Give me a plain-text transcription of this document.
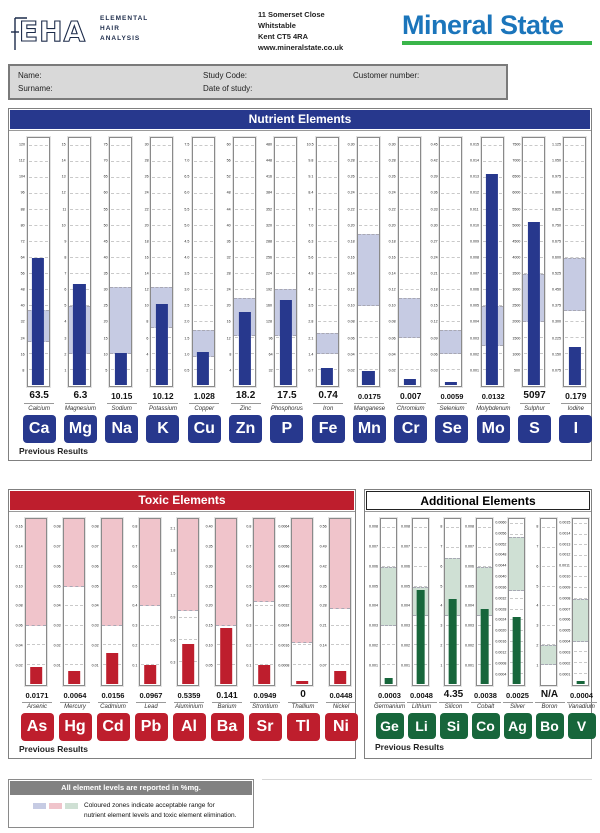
EHA ELEMENTAL
HAIR
ANALYSIS
11 Somerset Close
Whitstable
Kent CT5 4RA
www.mineralstate.co.uk
Mineral State
Name:	Study Code:	Customer number:
Surname:	Date of study:
Nutrient Elements
8
16
24
32
40
48
56
64
72
80
88
96
104
112
120
63.5
Calcium
Ca
1
2
3
4
5
6
7
8
9
10
11
12
13
14
15
6.3
Magnesium
Mg
5
10
15
20
25
30
35
40
45
50
55
60
65
70
75
10.15
Sodium
Na
2
4
6
8
10
12
14
16
18
20
22
24
26
28
30
10.12
Potassium
K
0.5
1.0
1.5
2.0
2.5
3.0
3.5
4.0
4.5
5.0
5.5
6.0
6.5
7.0
7.5
1.028
Copper
Cu
4
8
12
16
20
24
28
32
36
40
44
48
52
56
60
18.2
Zinc
Zn
32
64
96
128
160
192
224
256
288
320
352
384
416
448
480
17.5
Phosphorus
P
0.7
1.4
2.1
2.8
3.5
4.2
4.9
5.6
6.3
7.0
7.7
8.4
9.1
9.8
10.5
0.74
Iron
Fe
0.02
0.04
0.06
0.08
0.10
0.12
0.14
0.16
0.18
0.20
0.22
0.24
0.26
0.28
0.30
0.0175
Manganese
Mn
0.02
0.04
0.06
0.08
0.10
0.12
0.14
0.16
0.18
0.20
0.22
0.24
0.26
0.28
0.30
0.007
Chromium
Cr
0.03
0.06
0.09
0.12
0.15
0.18
0.21
0.24
0.27
0.30
0.33
0.36
0.39
0.42
0.45
0.0059
Selenium
Se
0.001
0.002
0.003
0.004
0.005
0.006
0.007
0.008
0.009
0.010
0.011
0.012
0.013
0.014
0.015
0.0132
Molybdenum
Mo
500
1000
1500
2000
2500
3000
3500
4000
4500
5000
5500
6000
6500
7000
7500
5097
Sulphur
S
0.075
0.150
0.225
0.300
0.375
0.450
0.525
0.600
0.675
0.750
0.825
0.900
0.975
1.050
1.125
0.179
Iodine
I
Previous Results
Toxic Elements
0.02
0.04
0.06
0.08
0.10
0.12
0.14
0.16
0.0171
Arsenic
As
0.01
0.02
0.03
0.04
0.05
0.06
0.07
0.08
0.0064
Mercury
Hg
0.01
0.02
0.03
0.04
0.05
0.06
0.07
0.08
0.0156
Cadmium
Cd
0.1
0.2
0.3
0.4
0.5
0.6
0.7
0.8
0.0967
Lead
Pb
0.3
0.6
0.9
1.2
1.5
1.8
2.1
0.5359
Aluminium
Al
0.05
0.10
0.15
0.20
0.25
0.30
0.35
0.40
0.141
Barium
Ba
0.1
0.2
0.3
0.4
0.5
0.6
0.7
0.8
0.0949
Strontium
Sr
0.0008
0.0016
0.0024
0.0032
0.0040
0.0048
0.0056
0.0064
0
Thallium
Tl
0.07
0.14
0.21
0.28
0.35
0.42
0.49
0.56
0.0448
Nickel
Ni
Previous Results
Additional Elements
0.001
0.002
0.003
0.004
0.005
0.006
0.007
0.008
0.0003
Germanium
Ge
0.001
0.002
0.003
0.004
0.005
0.006
0.007
0.008
0.0048
Lithium
Li
1
2
3
4
5
6
7
8
4.35
Silicon
Si
0.001
0.002
0.003
0.004
0.005
0.006
0.007
0.008
0.0038
Cobalt
Co
0.0004
0.0008
0.0012
0.0016
0.0020
0.0024
0.0028
0.0032
0.0036
0.0040
0.0044
0.0048
0.0052
0.0056
0.0060
0.0025
Silver
Ag
1
2
3
4
5
6
7
8
N/A
Boron
Bo
0.0001
0.0002
0.0003
0.0004
0.0005
0.0006
0.0007
0.0008
0.0009
0.0010
0.0011
0.0012
0.0013
0.0014
0.0015
0.0004
Vanadium
V
Previous Results
All element levels are reported in %mg.
Coloured zones indicate acceptable range for
nutrient element levels and toxic element elimination.
